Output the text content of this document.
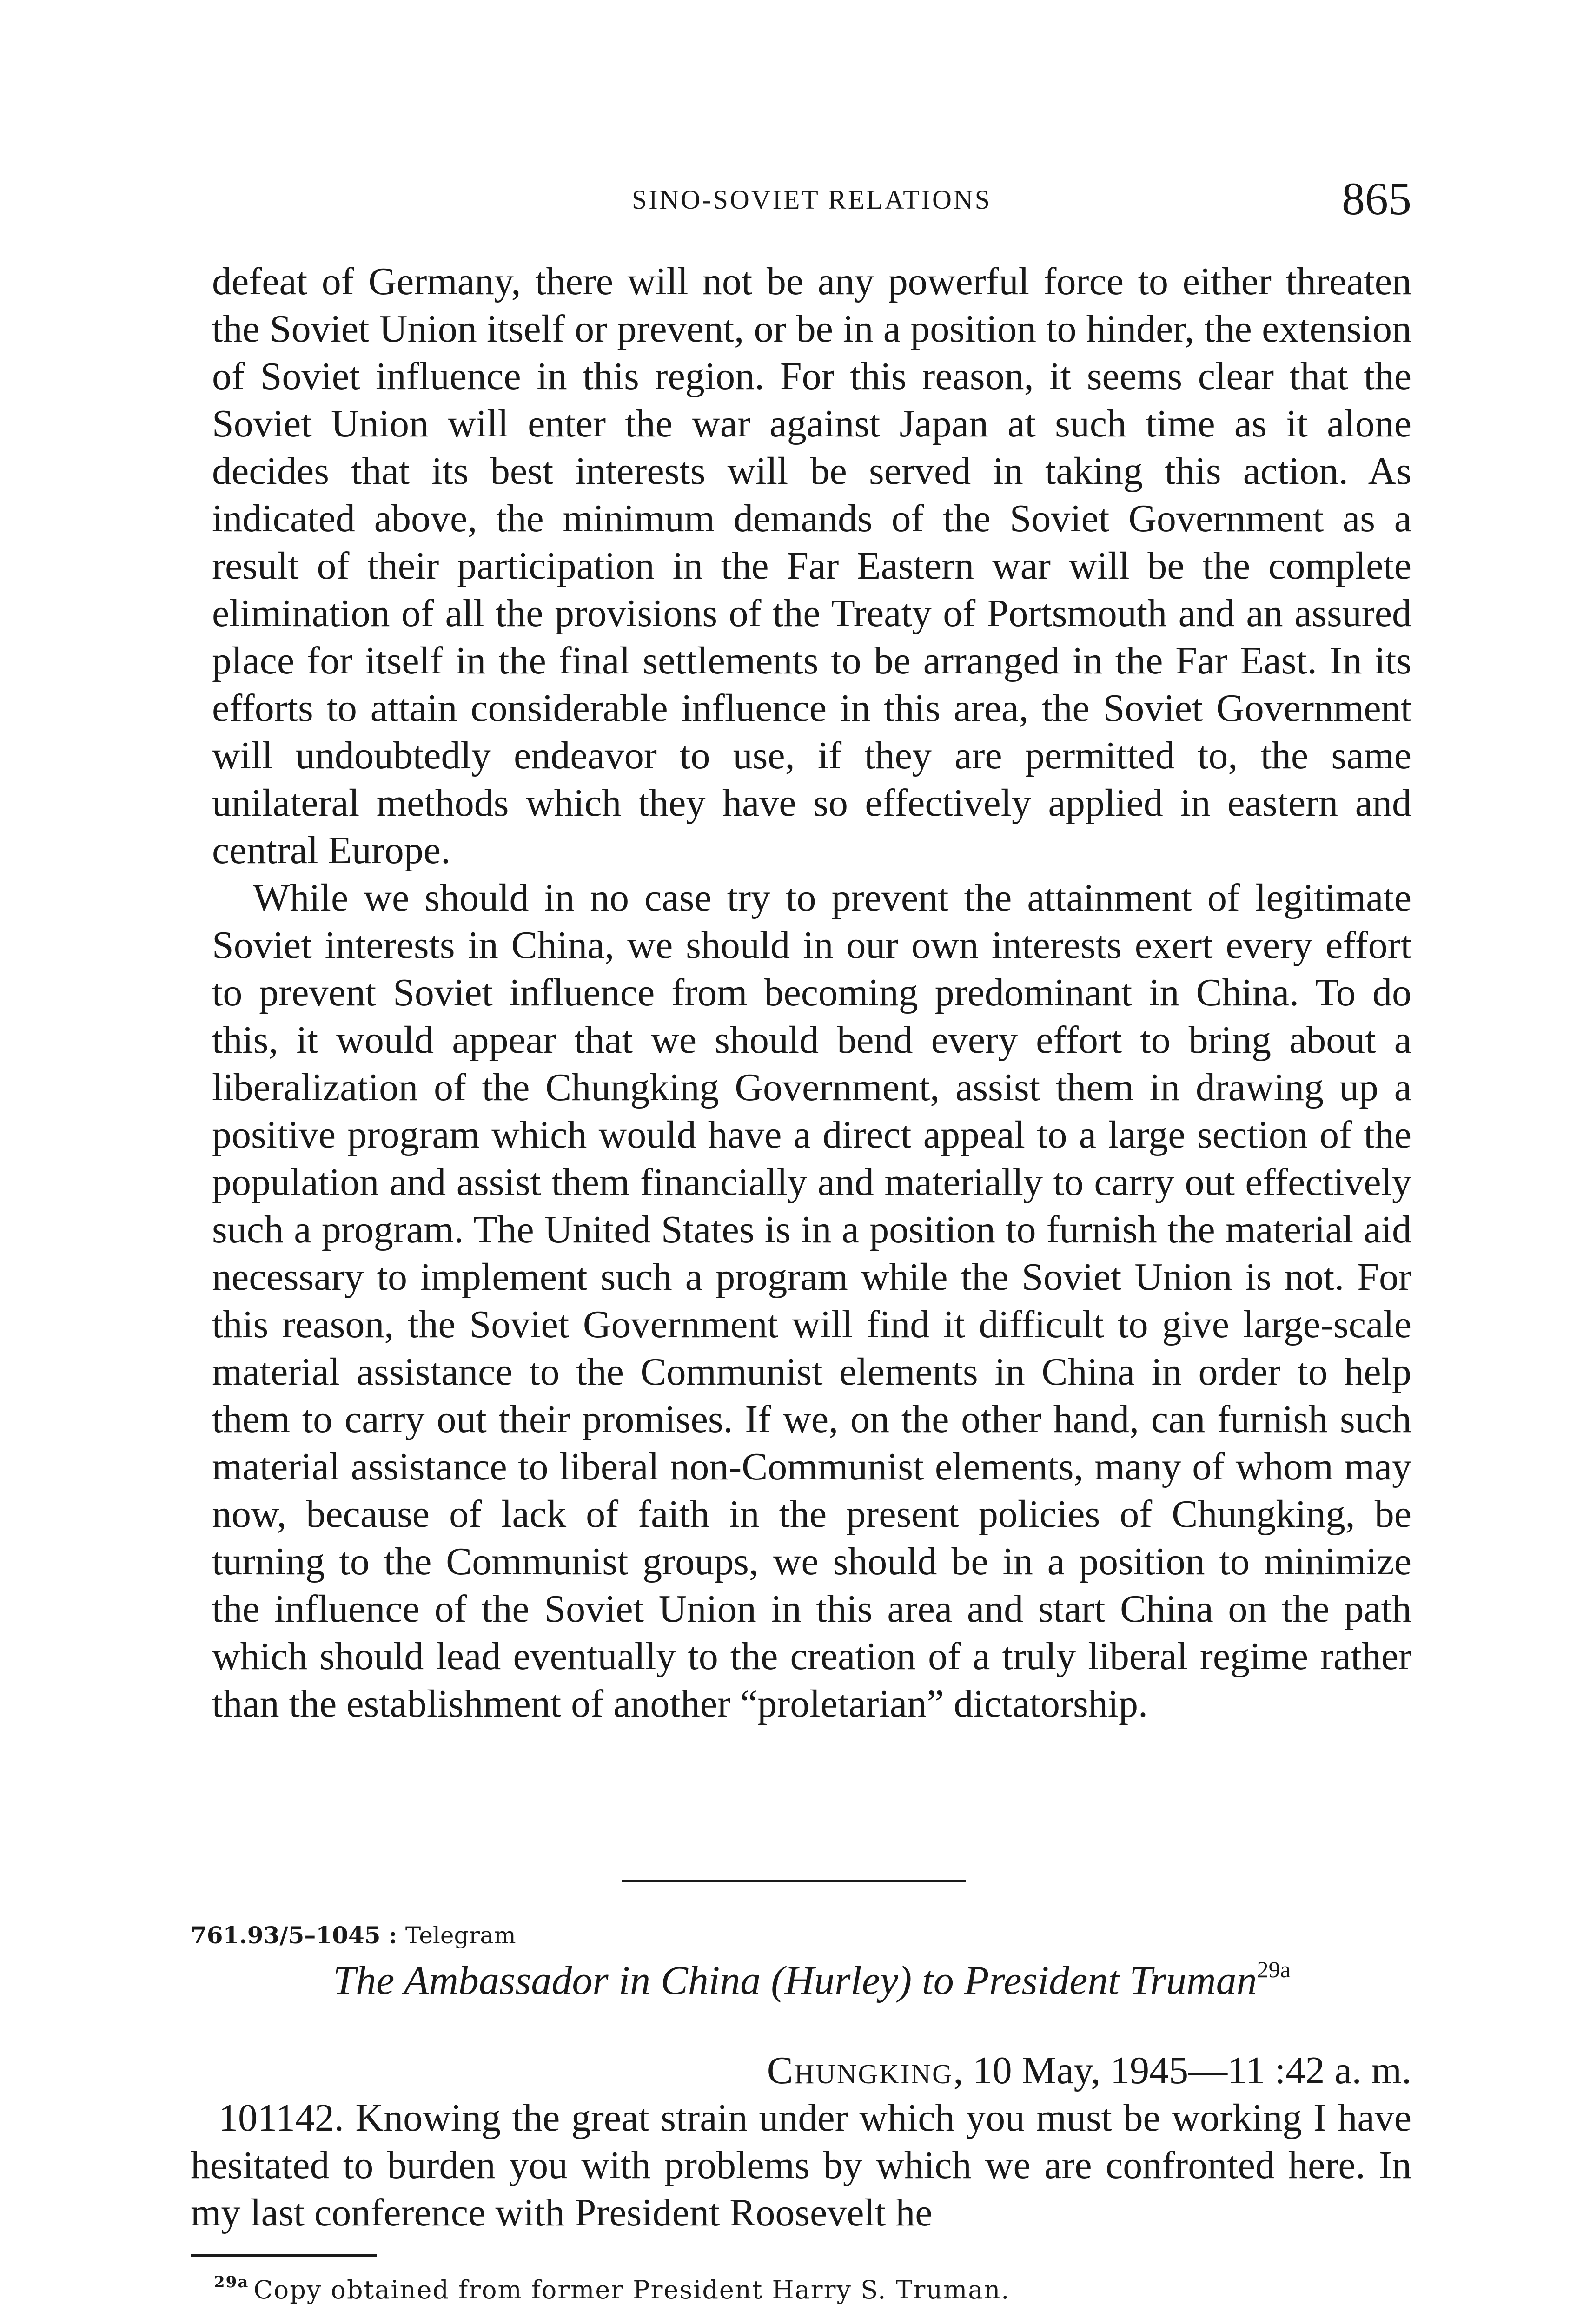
SINO-SOVIET RELATIONS	865

defeat of Germany, there will not be any powerful force to either threaten the Soviet Union itself or prevent, or be in a position to hinder, the extension of Soviet influence in this region. For this reason, it seems clear that the Soviet Union will enter the war against Japan at such time as it alone decides that its best interests will be served in taking this action. As indicated above, the minimum demands of the Soviet Government as a result of their participation in the Far Eastern war will be the complete elimination of all the provisions of the Treaty of Portsmouth and an assured place for itself in the final settlements to be arranged in the Far East. In its efforts to attain considerable influence in this area, the Soviet Government will undoubtedly endeavor to use, if they are permitted to, the same unilateral methods which they have so effectively applied in eastern and central Europe.

While we should in no case try to prevent the attainment of legitimate Soviet interests in China, we should in our own interests exert every effort to prevent Soviet influence from becoming predominant in China. To do this, it would appear that we should bend every effort to bring about a liberalization of the Chungking Government, assist them in drawing up a positive program which would have a direct appeal to a large section of the population and assist them financially and materially to carry out effectively such a program. The United States is in a position to furnish the material aid necessary to implement such a program while the Soviet Union is not. For this reason, the Soviet Government will find it difficult to give large-scale material assistance to the Communist elements in China in order to help them to carry out their promises. If we, on the other hand, can furnish such material assistance to liberal non-Communist elements, many of whom may now, because of lack of faith in the present policies of Chungking, be turning to the Communist groups, we should be in a position to minimize the influence of the Soviet Union in this area and start China on the path which should lead eventually to the creation of a truly liberal regime rather than the establishment of another “proletarian” dictatorship.

761.93/5–1045 : Telegram
The Ambassador in China (Hurley) to President Truman$^{29a}$
Chungking, 10 May, 1945—11 :42 a. m.

101142. Knowing the great strain under which you must be working I have hesitated to burden you with problems by which we are confronted here. In my last conference with President Roosevelt he

$^{29a}$ Copy obtained from former President Harry S. Truman.
